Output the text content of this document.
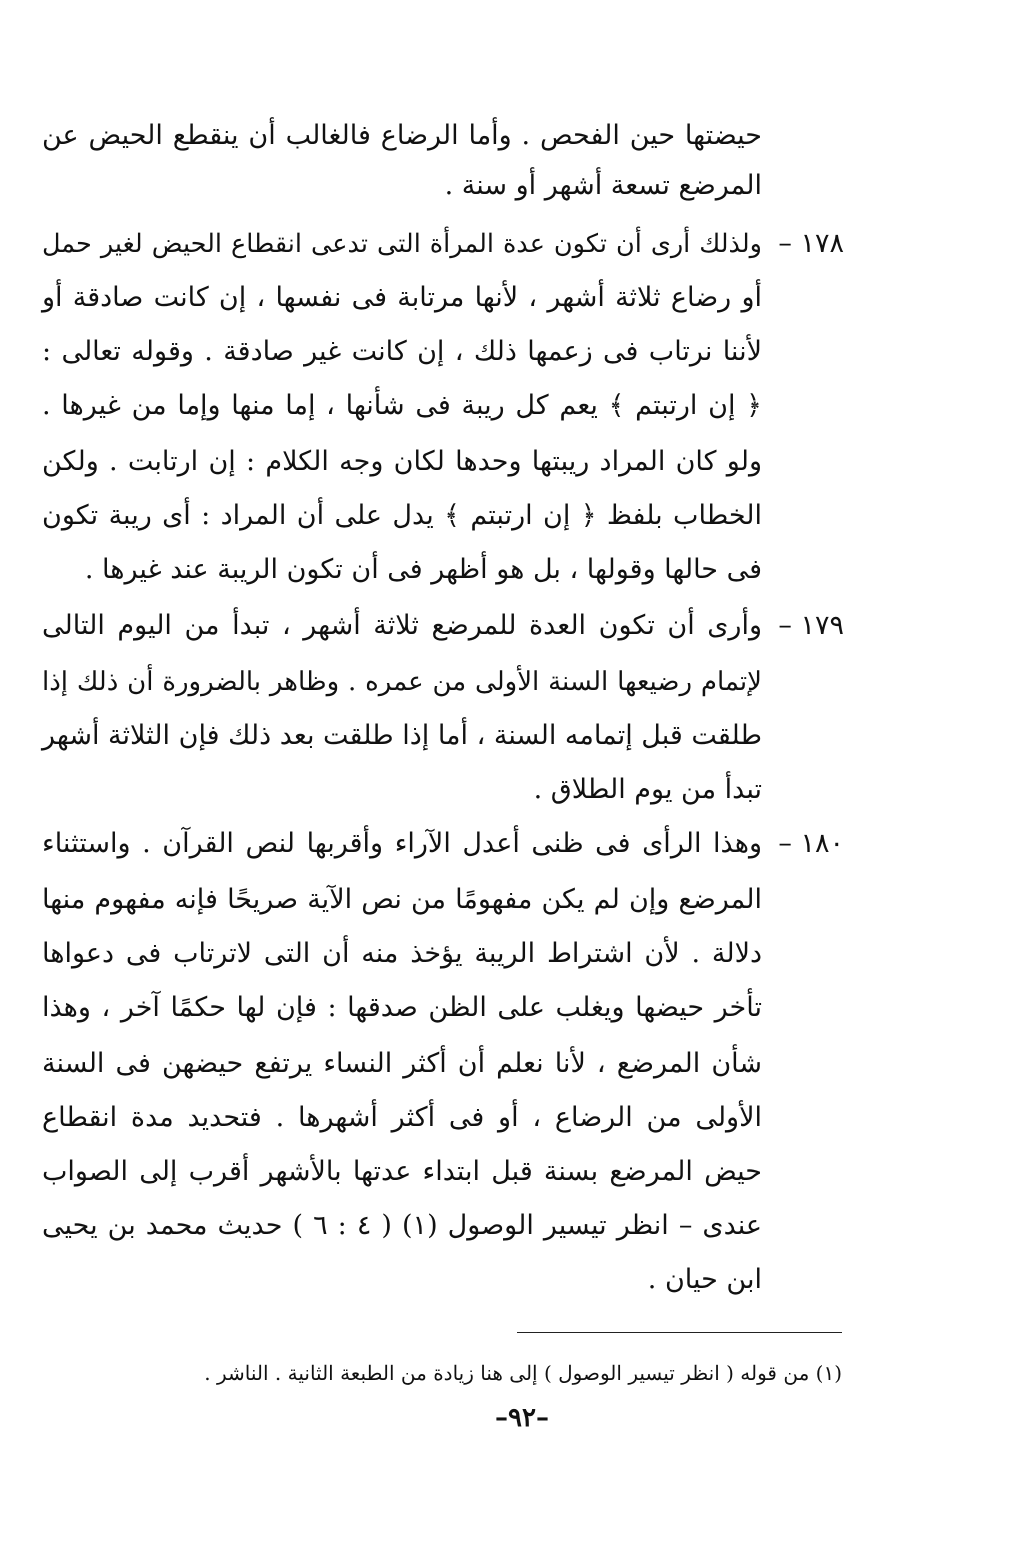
حيضتها حين الفحص . وأما الرضاع فالغالب أن ينقطع الحيض عن
المرضع تسعة أشهر أو سنة .
١٧٨ –
ولذلك أرى أن تكون عدة المرأة التى تدعى انقطاع الحيض لغير حمل
أو رضاع ثلاثة أشهر ، لأنها مرتابة فى نفسها ، إن كانت صادقة أو
لأننا نرتاب فى زعمها ذلك ، إن كانت غير صادقة . وقوله تعالى :
﴿ إن ارتبتم ﴾ يعم كل ريبة فى شأنها ، إما منها وإما من غيرها .
ولو كان المراد ريبتها وحدها لكان وجه الكلام : إن ارتابت . ولكن
الخطاب بلفظ ﴿ إن ارتبتم ﴾ يدل على أن المراد : أى ريبة تكون
فى حالها وقولها ، بل هو أظهر فى أن تكون الريبة عند غيرها .
١٧٩ –
وأرى أن تكون العدة للمرضع ثلاثة أشهر ، تبدأ من اليوم التالى
لإتمام رضيعها السنة الأولى من عمره . وظاهر بالضرورة أن ذلك إذا
طلقت قبل إتمامه السنة ، أما إذا طلقت بعد ذلك فإن الثلاثة أشهر
تبدأ من يوم الطلاق .
١٨٠ –
وهذا الرأى فى ظنى أعدل الآراء وأقربها لنص القرآن . واستثناء
المرضع وإن لم يكن مفهومًا من نص الآية صريحًا فإنه مفهوم منها
دلالة . لأن اشتراط الريبة يؤخذ منه أن التى لاترتاب فى دعواها
تأخر حيضها ويغلب على الظن صدقها : فإن لها حكمًا آخر ، وهذا
شأن المرضع ، لأنا نعلم أن أكثر النساء يرتفع حيضهن فى السنة
الأولى من الرضاع ، أو فى أكثر أشهرها . فتحديد مدة انقطاع
حيض المرضع بسنة قبل ابتداء عدتها بالأشهر أقرب إلى الصواب
عندى – انظر تيسير الوصول (١) ( ٤ : ٦ ) حديث محمد بن يحيى
ابن حيان .
(١) من قوله ( انظر تيسير الوصول ) إلى هنا زيادة من الطبعة الثانية . الناشر .
–٩٢–
